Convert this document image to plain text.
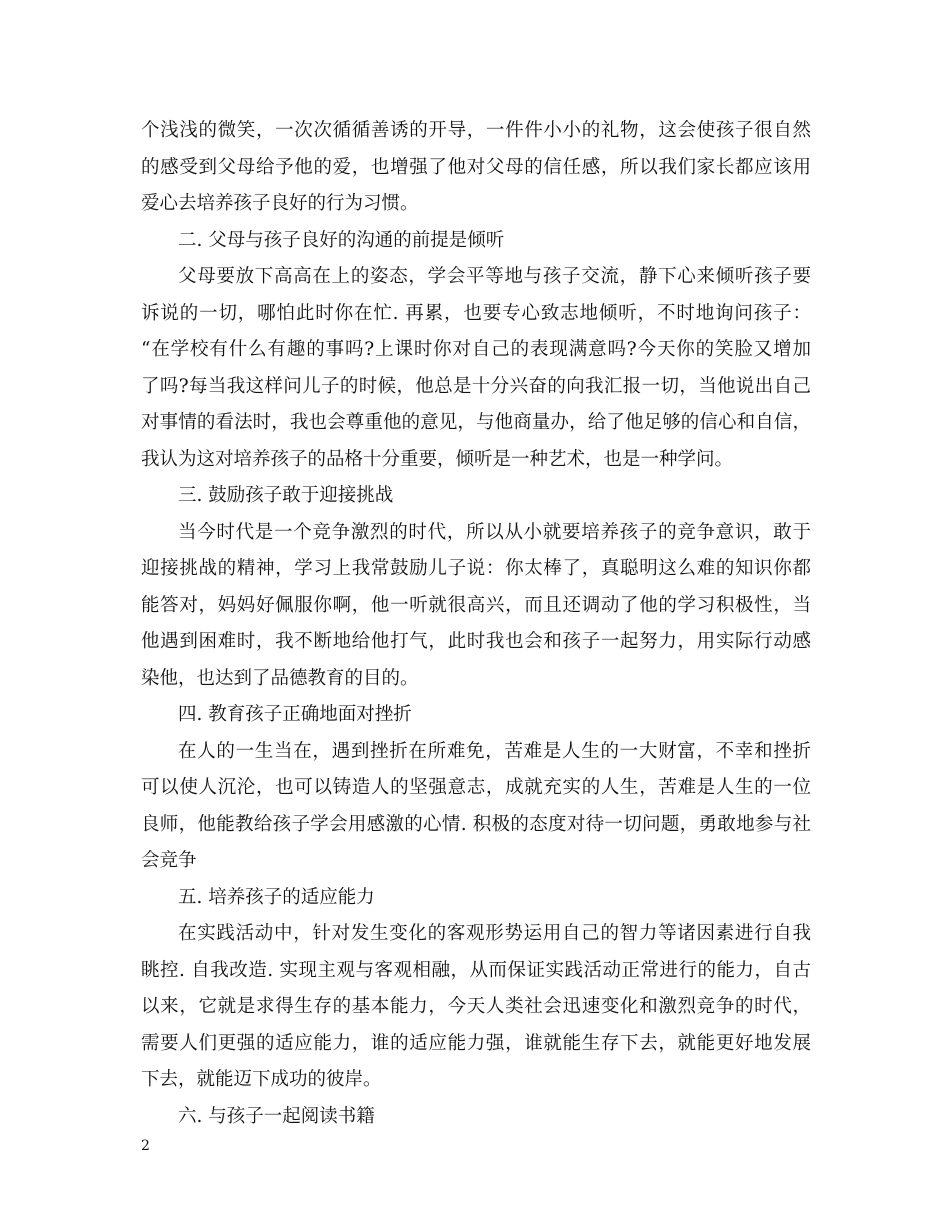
个浅浅的微笑，一次次循循善诱的开导，一件件小小的礼物，这会使孩子很自然
的感受到父母给予他的爱，也增强了他对父母的信任感，所以我们家长都应该用
爱心去培养孩子良好的行为习惯。
二. 父母与孩子良好的沟通的前提是倾听
父母要放下高高在上的姿态，学会平等地与孩子交流，静下心来倾听孩子要
诉说的一切，哪怕此时你在忙. 再累，也要专心致志地倾听，不时地询问孩子：
“在学校有什么有趣的事吗?上课时你对自己的表现满意吗?今天你的笑脸又增加
了吗?每当我这样问儿子的时候，他总是十分兴奋的向我汇报一切，当他说出自己
对事情的看法时，我也会尊重他的意见，与他商量办，给了他足够的信心和自信，
我认为这对培养孩子的品格十分重要，倾听是一种艺术，也是一种学问。
三. 鼓励孩子敢于迎接挑战
当今时代是一个竞争激烈的时代，所以从小就要培养孩子的竞争意识，敢于
迎接挑战的精神，学习上我常鼓励儿子说：你太棒了，真聪明这么难的知识你都
能答对，妈妈好佩服你啊，他一听就很高兴，而且还调动了他的学习积极性，当
他遇到困难时，我不断地给他打气，此时我也会和孩子一起努力，用实际行动感
染他，也达到了品德教育的目的。
四. 教育孩子正确地面对挫折
在人的一生当在，遇到挫折在所难免，苦难是人生的一大财富，不幸和挫折
可以使人沉沦，也可以铸造人的坚强意志，成就充实的人生，苦难是人生的一位
良师，他能教给孩子学会用感激的心情. 积极的态度对待一切问题，勇敢地参与社
会竞争
五. 培养孩子的适应能力
在实践活动中，针对发生变化的客观形势运用自己的智力等诸因素进行自我
眺控. 自我改造. 实现主观与客观相融，从而保证实践活动正常进行的能力，自古
以来，它就是求得生存的基本能力，今天人类社会迅速变化和激烈竞争的时代，
需要人们更强的适应能力，谁的适应能力强，谁就能生存下去，就能更好地发展
下去，就能迈下成功的彼岸。
六. 与孩子一起阅读书籍
2
